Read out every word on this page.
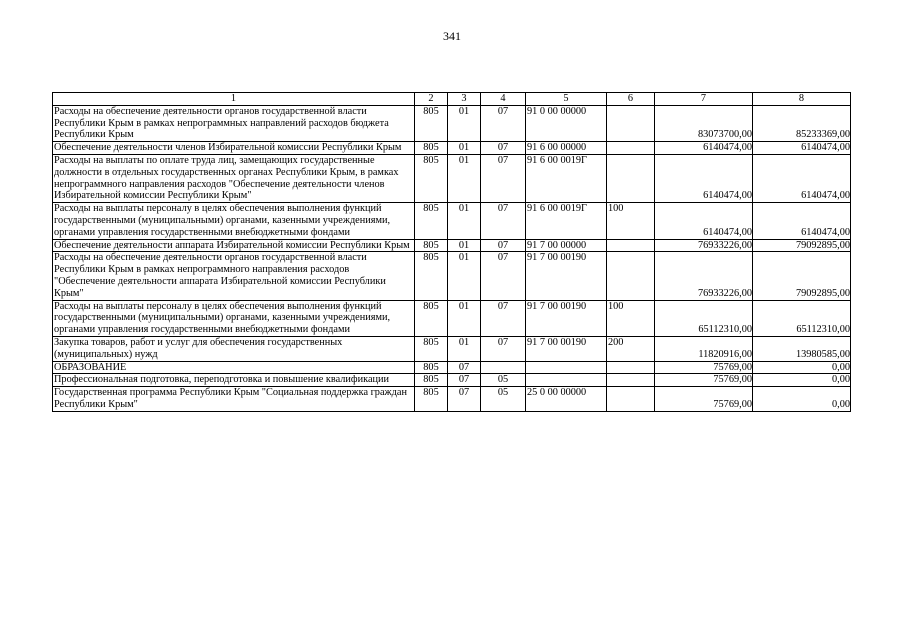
341
1	2	3	4	5	6	7	8
Расходы на обеспечение деятельности органов государственной власти Республики Крым в рамках непрограммных направлений расходов бюджета Республики Крым	805	01	07	91 0 00 00000		83073700,00	85233369,00
Обеспечение деятельности членов Избирательной комиссии Республики Крым	805	01	07	91 6 00 00000		6140474,00	6140474,00
Расходы на выплаты по оплате труда лиц, замещающих государственные должности в отдельных государственных органах Республики Крым, в рамках непрограммного направления расходов "Обеспечение деятельности членов Избирательной комиссии Республики Крым"	805	01	07	91 6 00 0019Г		6140474,00	6140474,00
Расходы на выплаты персоналу в целях обеспечения выполнения функций государственными (муниципальными) органами, казенными учреждениями, органами управления государственными внебюджетными фондами	805	01	07	91 6 00 0019Г	100	6140474,00	6140474,00
Обеспечение деятельности аппарата Избирательной комиссии Республики Крым	805	01	07	91 7 00 00000		76933226,00	79092895,00
Расходы на обеспечение деятельности органов государственной власти Республики Крым в рамках непрограммного направления расходов "Обеспечение деятельности аппарата Избирательной комиссии Республики Крым"	805	01	07	91 7 00 00190		76933226,00	79092895,00
Расходы на выплаты персоналу в целях обеспечения выполнения функций государственными (муниципальными) органами, казенными учреждениями, органами управления государственными внебюджетными фондами	805	01	07	91 7 00 00190	100	65112310,00	65112310,00
Закупка товаров, работ и услуг для обеспечения государственных (муниципальных) нужд	805	01	07	91 7 00 00190	200	11820916,00	13980585,00
ОБРАЗОВАНИЕ	805	07				75769,00	0,00
Профессиональная подготовка, переподготовка и повышение квалификации	805	07	05			75769,00	0,00
Государственная программа Республики Крым "Социальная поддержка граждан Республики Крым"	805	07	05	25 0 00 00000		75769,00	0,00
